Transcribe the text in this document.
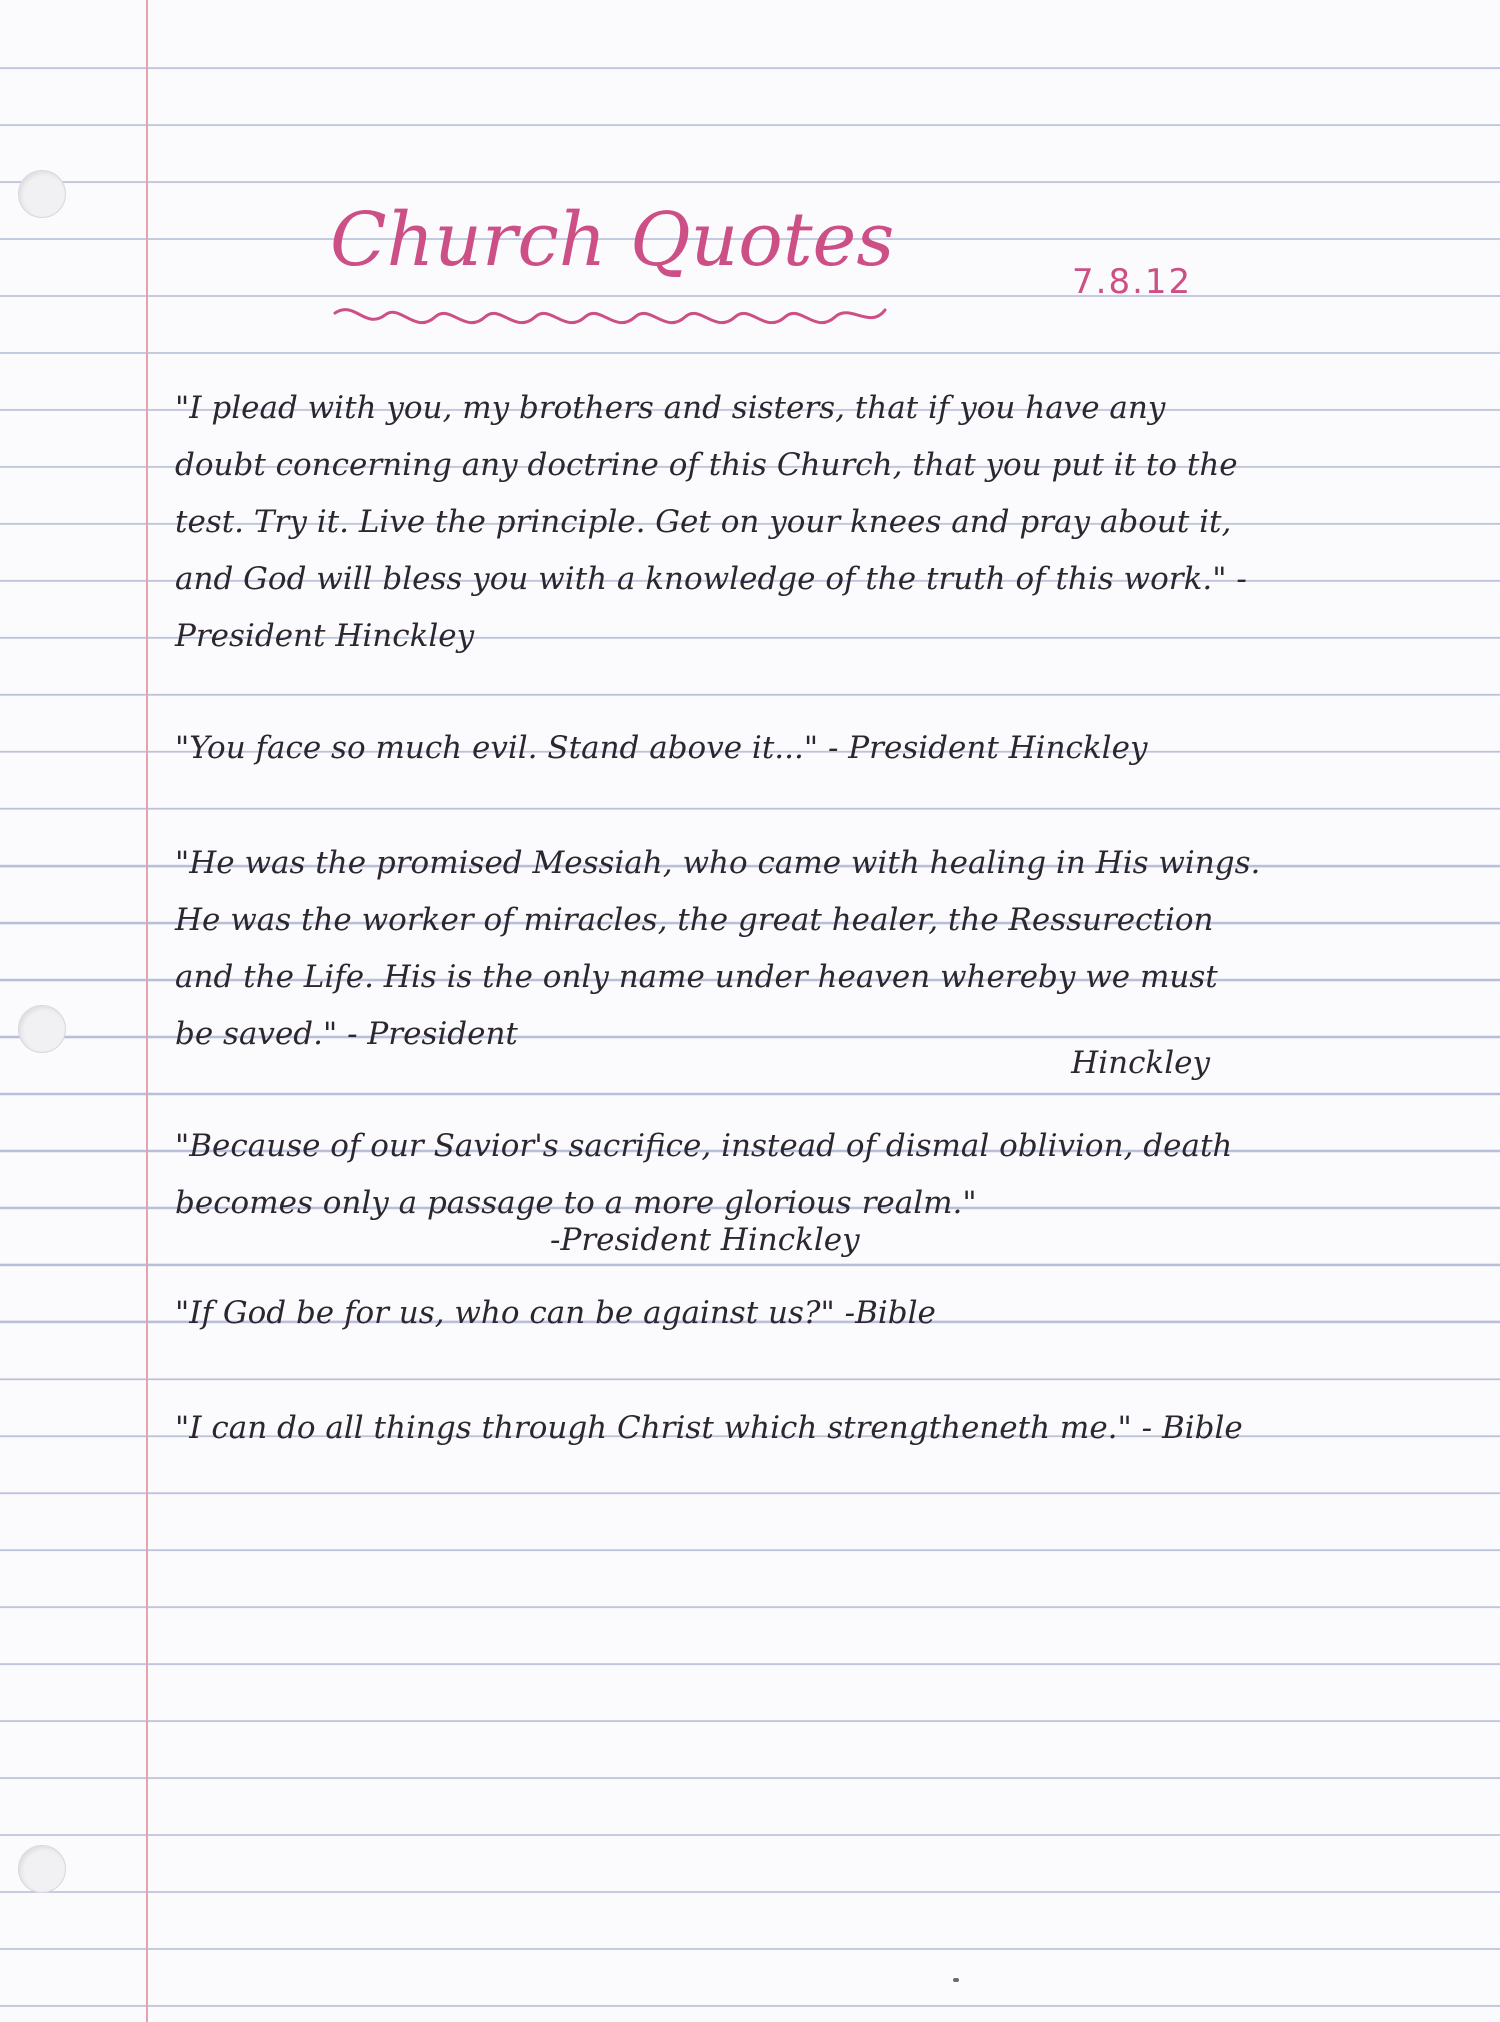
Church Quotes	7.8.12
"I plead with you, my brothers and sisters, that if you have any doubt concerning any doctrine of this Church, that you put it to the test. Try it. Live the principle. Get on your knees and pray about it, and God will bless you with a knowledge of the truth of this work." - President Hinckley
"You face so much evil. Stand above it..." - President Hinckley
"He was the promised Messiah, who came with healing in His wings. He was the worker of miracles, the great healer, the Ressurection and the Life. His is the only name under heaven whereby we must be saved." - President
Hinckley
"Because of our Savior's sacrifice, instead of dismal oblivion, death becomes only a passage to a more glorious realm."
-President Hinckley
"If God be for us, who can be against us?" -Bible
"I can do all things through Christ which strengtheneth me." - Bible
